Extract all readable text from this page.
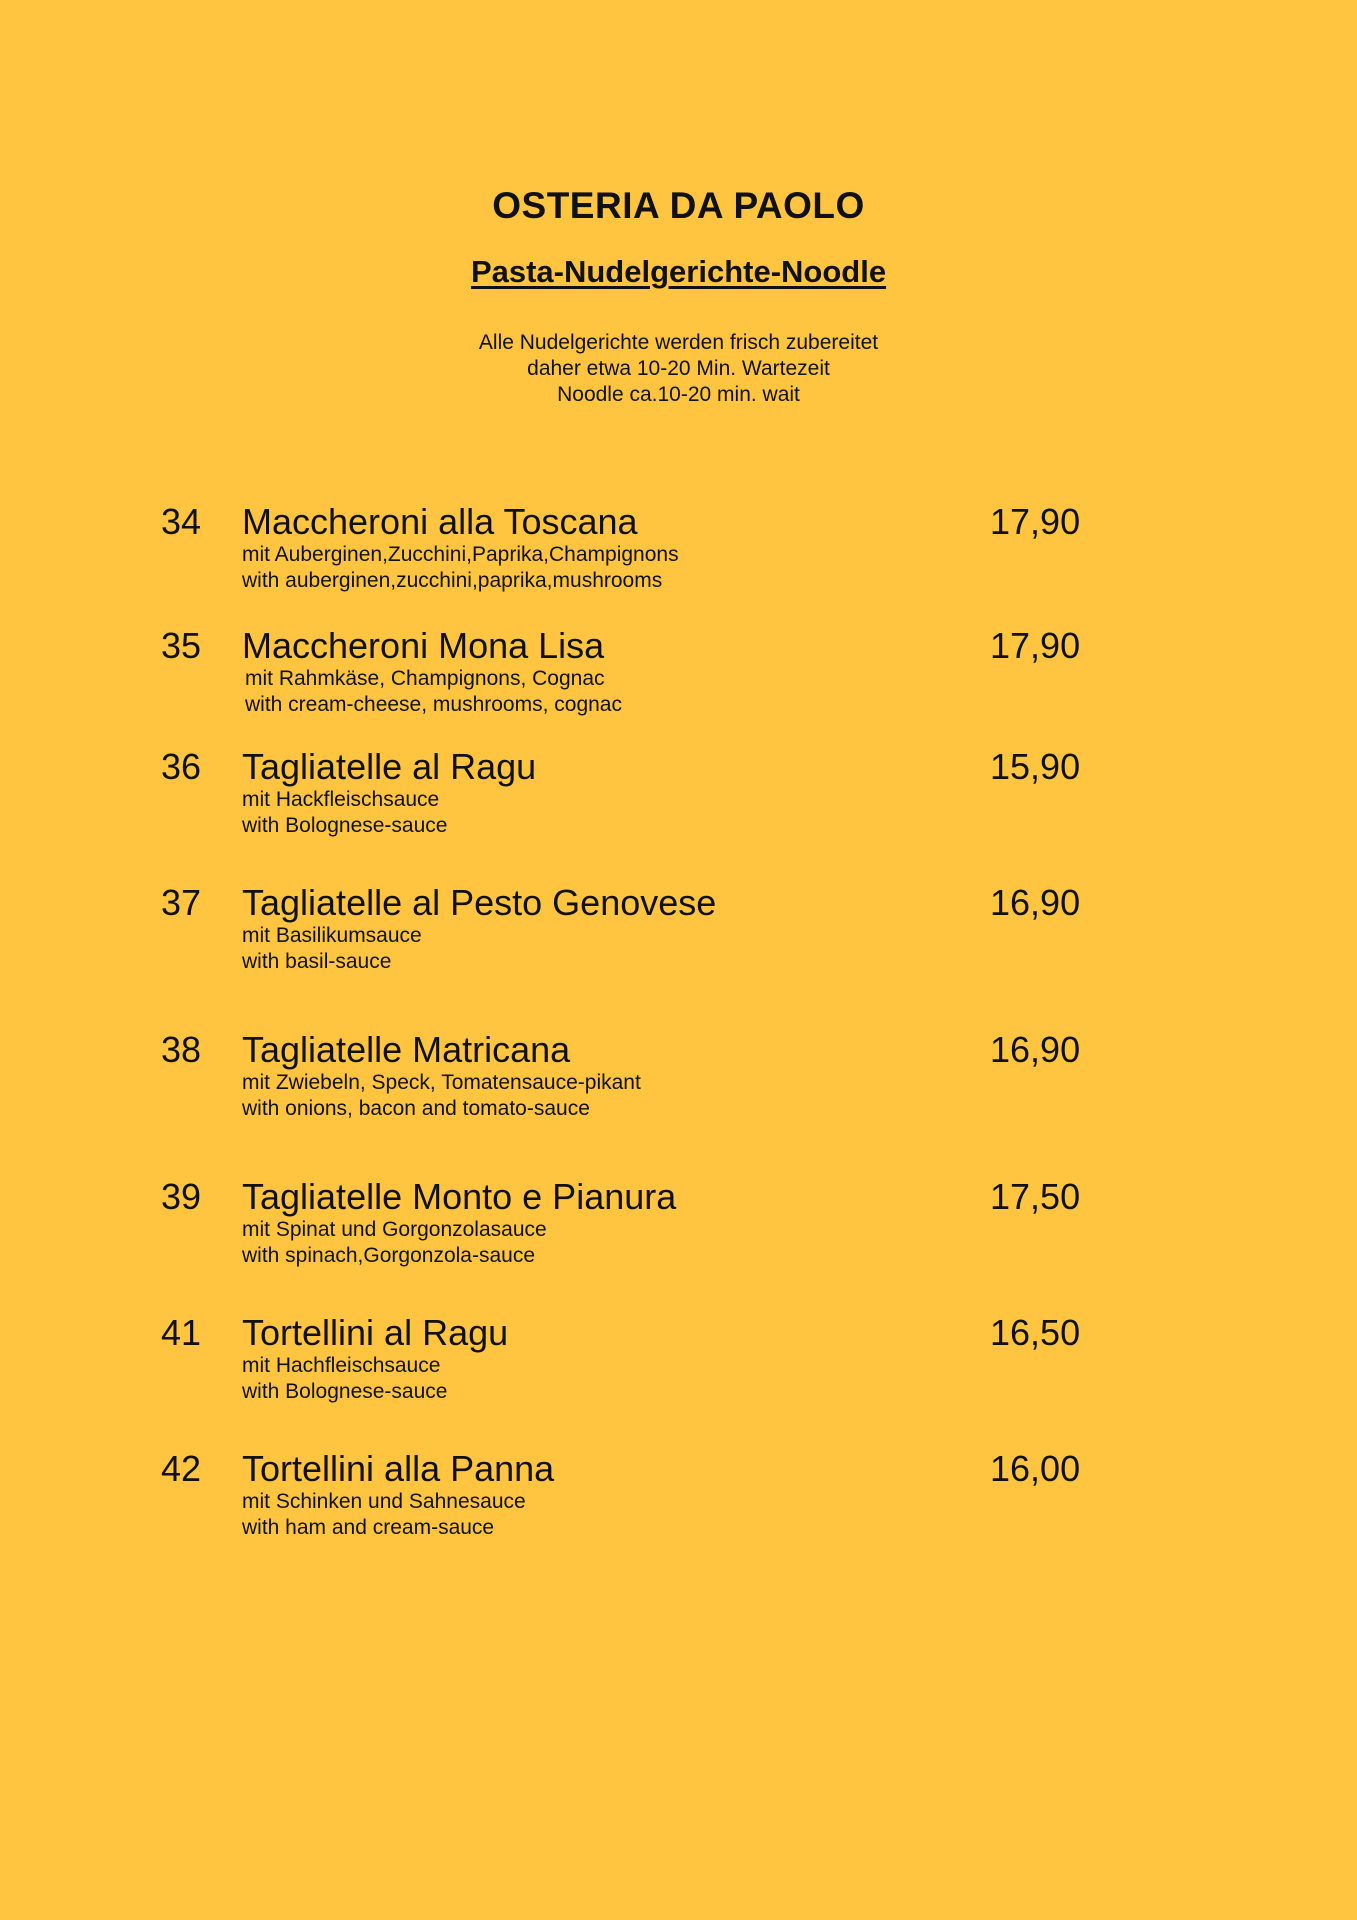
OSTERIA DA PAOLO
Pasta-Nudelgerichte-Noodle
Alle Nudelgerichte werden frisch zubereitet
daher etwa 10-20 Min. Wartezeit
Noodle ca.10-20 min. wait
34 Maccheroni alla Toscana	17,90
mit Auberginen,Zucchini,Paprika,Champignons
with auberginen,zucchini,paprika,mushrooms
35 Maccheroni Mona Lisa	17,90
mit Rahmkäse, Champignons, Cognac
with cream-cheese, mushrooms, cognac
36 Tagliatelle al Ragu	15,90
mit Hackfleischsauce
with Bolognese-sauce
37 Tagliatelle al Pesto Genovese	16,90
mit Basilikumsauce
with basil-sauce
38 Tagliatelle Matricana	16,90
mit Zwiebeln, Speck, Tomatensauce-pikant
with onions, bacon and tomato-sauce
39 Tagliatelle Monto e Pianura	17,50
mit Spinat und Gorgonzolasauce
with spinach,Gorgonzola-sauce
41 Tortellini al Ragu	16,50
mit Hachfleischsauce
with Bolognese-sauce
42 Tortellini alla Panna	16,00
mit Schinken und Sahnesauce
with ham and cream-sauce
